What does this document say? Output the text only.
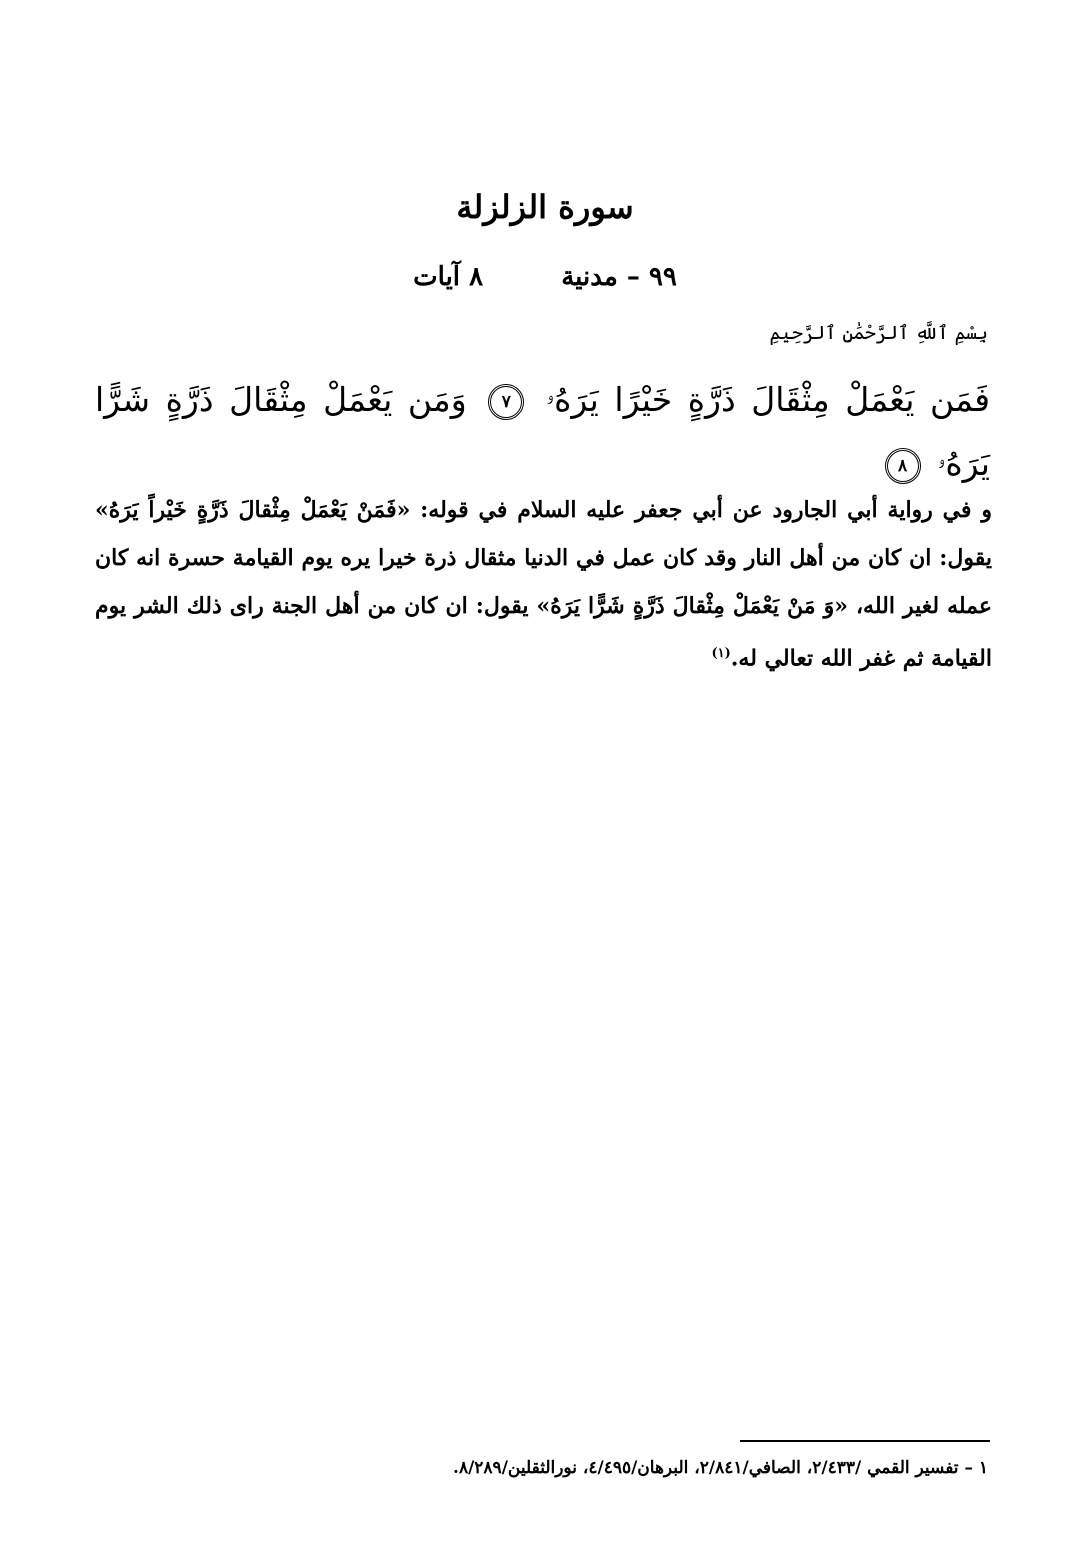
سورة الزلزلة
٩٩ – مدنية  ٨ آيات
بِسْمِ ٱللَّهِ ٱلرَّحْمَٰنِ ٱلرَّحِيمِ
فَمَن يَعْمَلْ مِثْقَالَ ذَرَّةٍ خَيْرًا يَرَهُۥ ٧ وَمَن يَعْمَلْ مِثْقَالَ ذَرَّةٍ شَرًّا يَرَهُۥ ٨
و في رواية أبي الجارود عن أبي جعفر عليه السلام في قوله: «فَمَنْ يَعْمَلْ مِثْقالَ ذَرَّةٍ خَيْراً يَرَهُ» يقول: ان كان من أهل النار وقد كان عمل في الدنيا مثقال ذرة خيرا يره يوم القيامة حسرة انه كان عمله لغير الله، «وَ مَنْ يَعْمَلْ مِثْقالَ ذَرَّةٍ شَرًّا يَرَهُ» يقول: ان كان من أهل الجنة راى ذلك الشر يوم القيامة ثم غفر الله تعالي له.$^{(١)}$
١ – تفسير القمي /٢/٤٣٣، الصافي/٢/٨٤١، البرهان/٤/٤٩٥، نورالثقلين/٨/٢٨٩.
